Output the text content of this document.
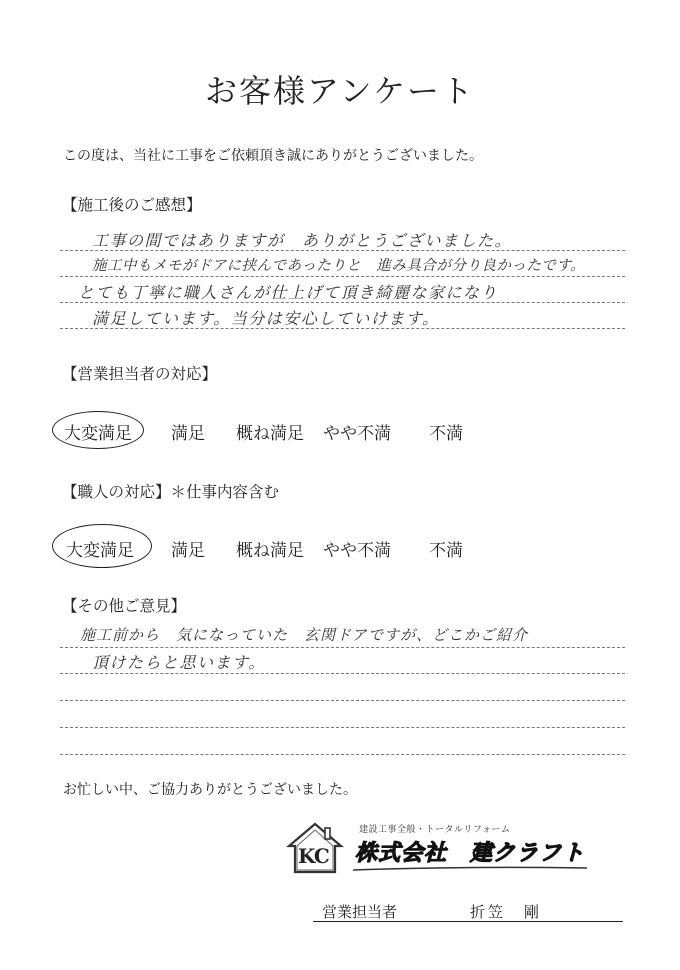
お客様アンケート
この度は、当社に工事をご依頼頂き誠にありがとうございました。
【施工後のご感想】
工事の間ではありますが　ありがとうございました。
施工中もメモがドアに挟んであったりと　進み具合が分り良かったです。
とても丁寧に職人さんが仕上げて頂き綺麗な家になり
満足しています。当分は安心していけます。
【営業担当者の対応】
大変満足 満足 概ね満足 やや不満 不満
【職人の対応】＊仕事内容含む
大変満足 満足 概ね満足 やや不満 不満
【その他ご意見】
施工前から　気になっていた　玄関ドアですが、どこかご紹介
頂けたらと思います。
お忙しい中、ご協力ありがとうございました。
KC
建設工事全般・トータルリフォーム
株式会社　建クラフト
営業担当者	折笠　剛
